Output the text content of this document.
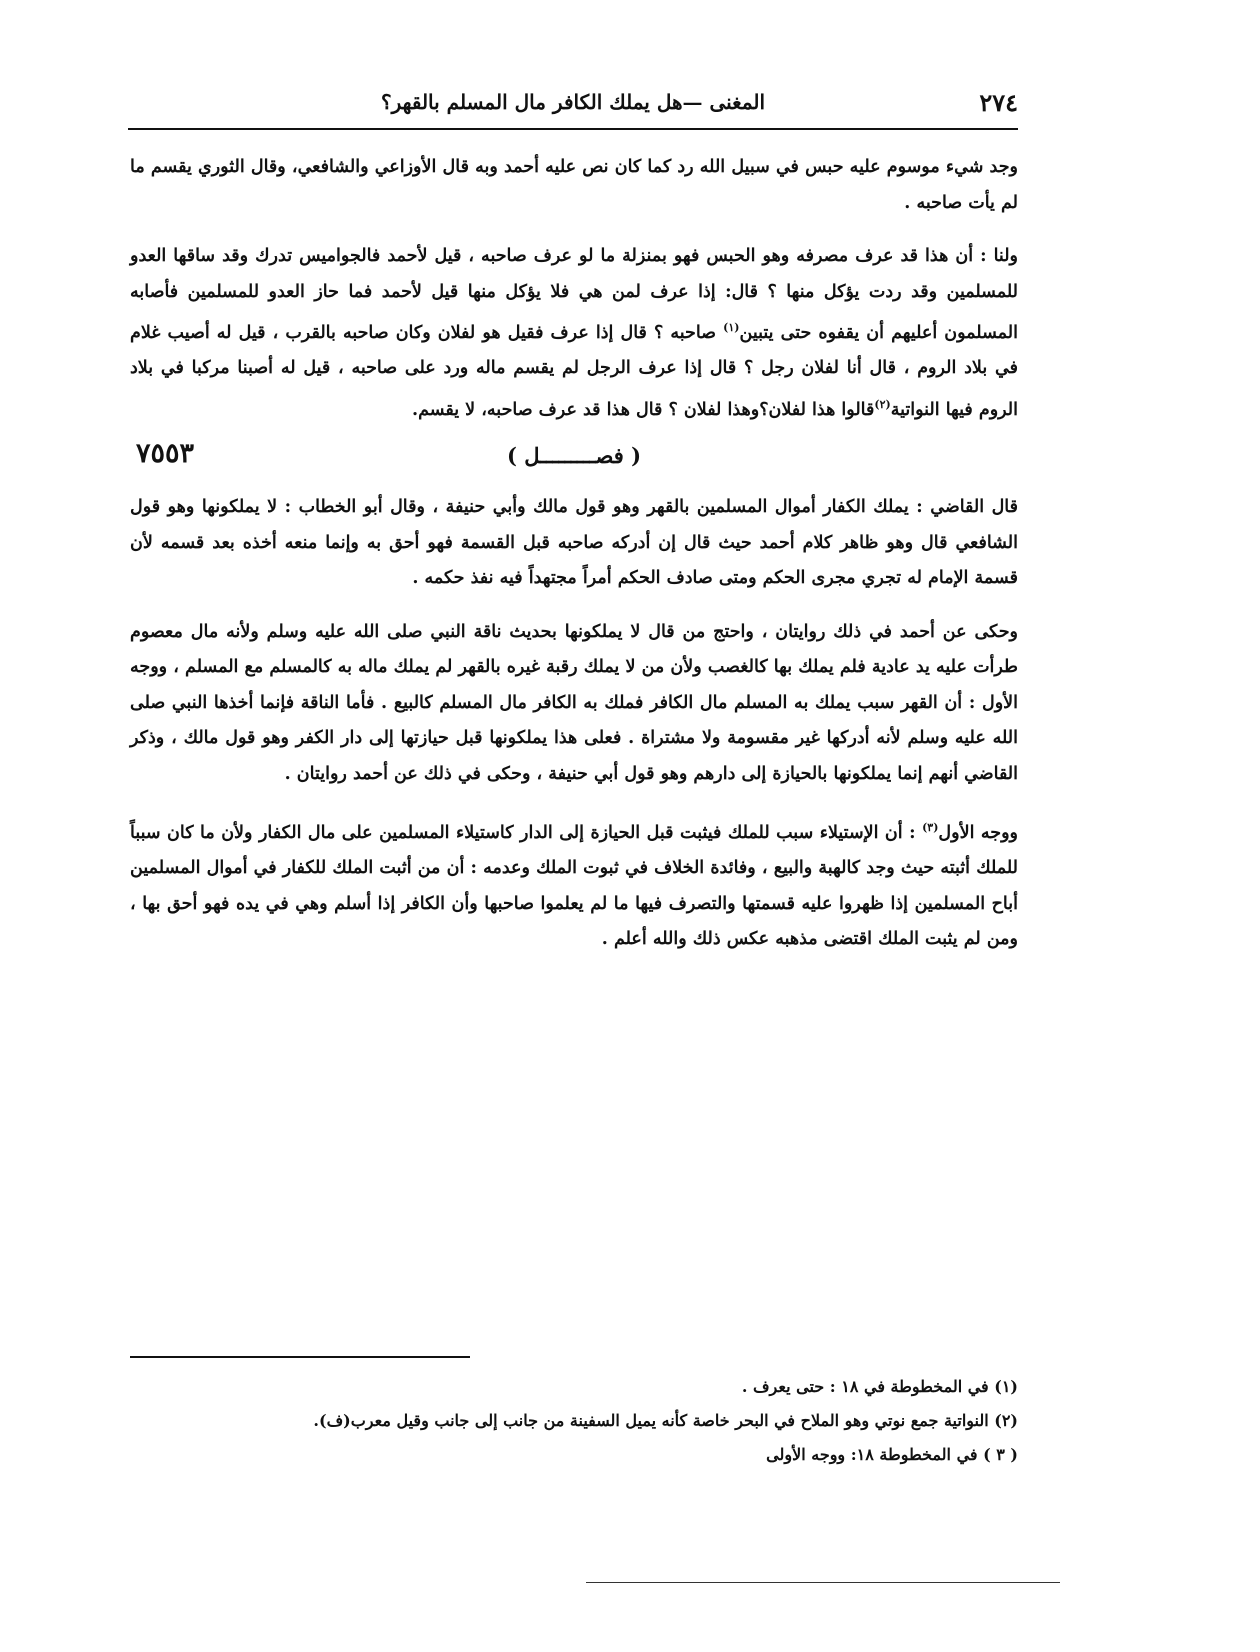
٢٧٤
المغنى —هل يملك الكافر مال المسلم بالقهر؟

وجد شيء موسوم عليه حبس في سبيل الله رد كما كان نص عليه أحمد وبه قال الأوزاعي والشافعي، وقال الثوري يقسم ما لم يأت صاحبه .

ولنا : أن هذا قد عرف مصرفه وهو الحبس فهو بمنزلة ما لو عرف صاحبه ، قيل لأحمد فالجواميس تدرك وقد ساقها العدو للمسلمين وقد ردت يؤكل منها ؟ قال: إذا عرف لمن هي فلا يؤكل منها قيل لأحمد فما حاز العدو للمسلمين فأصابه المسلمون أعليهم أن يقفوه حتى يتبين$^{(١)}$ صاحبه ؟ قال إذا عرف فقيل هو لفلان وكان صاحبه بالقرب ، قيل له أصيب غلام في بلاد الروم ، قال أنا لفلان رجل ؟ قال إذا عرف الرجل لم يقسم ماله ورد على صاحبه ، قيل له أصبنا مركبا في بلاد الروم فيها النواتية$^{(٢)}$قالوا هذا لفلان؟وهذا لفلان ؟ قال هذا قد عرف صاحبه، لا يقسم.

٧٥٥٣	( فصـــــــــل )

قال القاضي : يملك الكفار أموال المسلمين بالقهر وهو قول مالك وأبي حنيفة ، وقال أبو الخطاب : لا يملكونها وهو قول الشافعي قال وهو ظاهر كلام أحمد حيث قال إن أدركه صاحبه قبل القسمة فهو أحق به وإنما منعه أخذه بعد قسمه لأن قسمة الإمام له تجري مجرى الحكم ومتى صادف الحكم أمراً مجتهداً فيه نفذ حكمه .

وحكى عن أحمد في ذلك روايتان ، واحتج من قال لا يملكونها بحديث ناقة النبي صلى الله عليه وسلم ولأنه مال معصوم طرأت عليه يد عادية فلم يملك بها كالغصب ولأن من لا يملك رقبة غيره بالقهر لم يملك ماله به كالمسلم مع المسلم ، ووجه الأول : أن القهر سبب يملك به المسلم مال الكافر فملك به الكافر مال المسلم كالبيع . فأما الناقة فإنما أخذها النبي صلى الله عليه وسلم لأنه أدركها غير مقسومة ولا مشتراة . فعلى هذا يملكونها قبل حيازتها إلى دار الكفر وهو قول مالك ، وذكر القاضي أنهم إنما يملكونها بالحيازة إلى دارهم وهو قول أبي حنيفة ، وحكى في ذلك عن أحمد روايتان .

ووجه الأول$^{(٣)}$ : أن الإستيلاء سبب للملك فيثبت قبل الحيازة إلى الدار كاستيلاء المسلمين على مال الكفار ولأن ما كان سبباً للملك أثبته حيث وجد كالهبة والبيع ، وفائدة الخلاف في ثبوت الملك وعدمه : أن من أثبت الملك للكفار في أموال المسلمين أباح المسلمين إذا ظهروا عليه قسمتها والتصرف فيها ما لم يعلموا صاحبها وأن الكافر إذا أسلم وهي في يده فهو أحق بها ، ومن لم يثبت الملك اقتضى مذهبه عكس ذلك والله أعلم .

(١) في المخطوطة في ١٨ : حتى يعرف .
(٢) النواتية جمع نوتي وهو الملاح في البحر خاصة كأنه يميل السفينة من جانب إلى جانب وقيل معرب(ف).
( ٣ ) في المخطوطة ١٨: ووجه الأولى
